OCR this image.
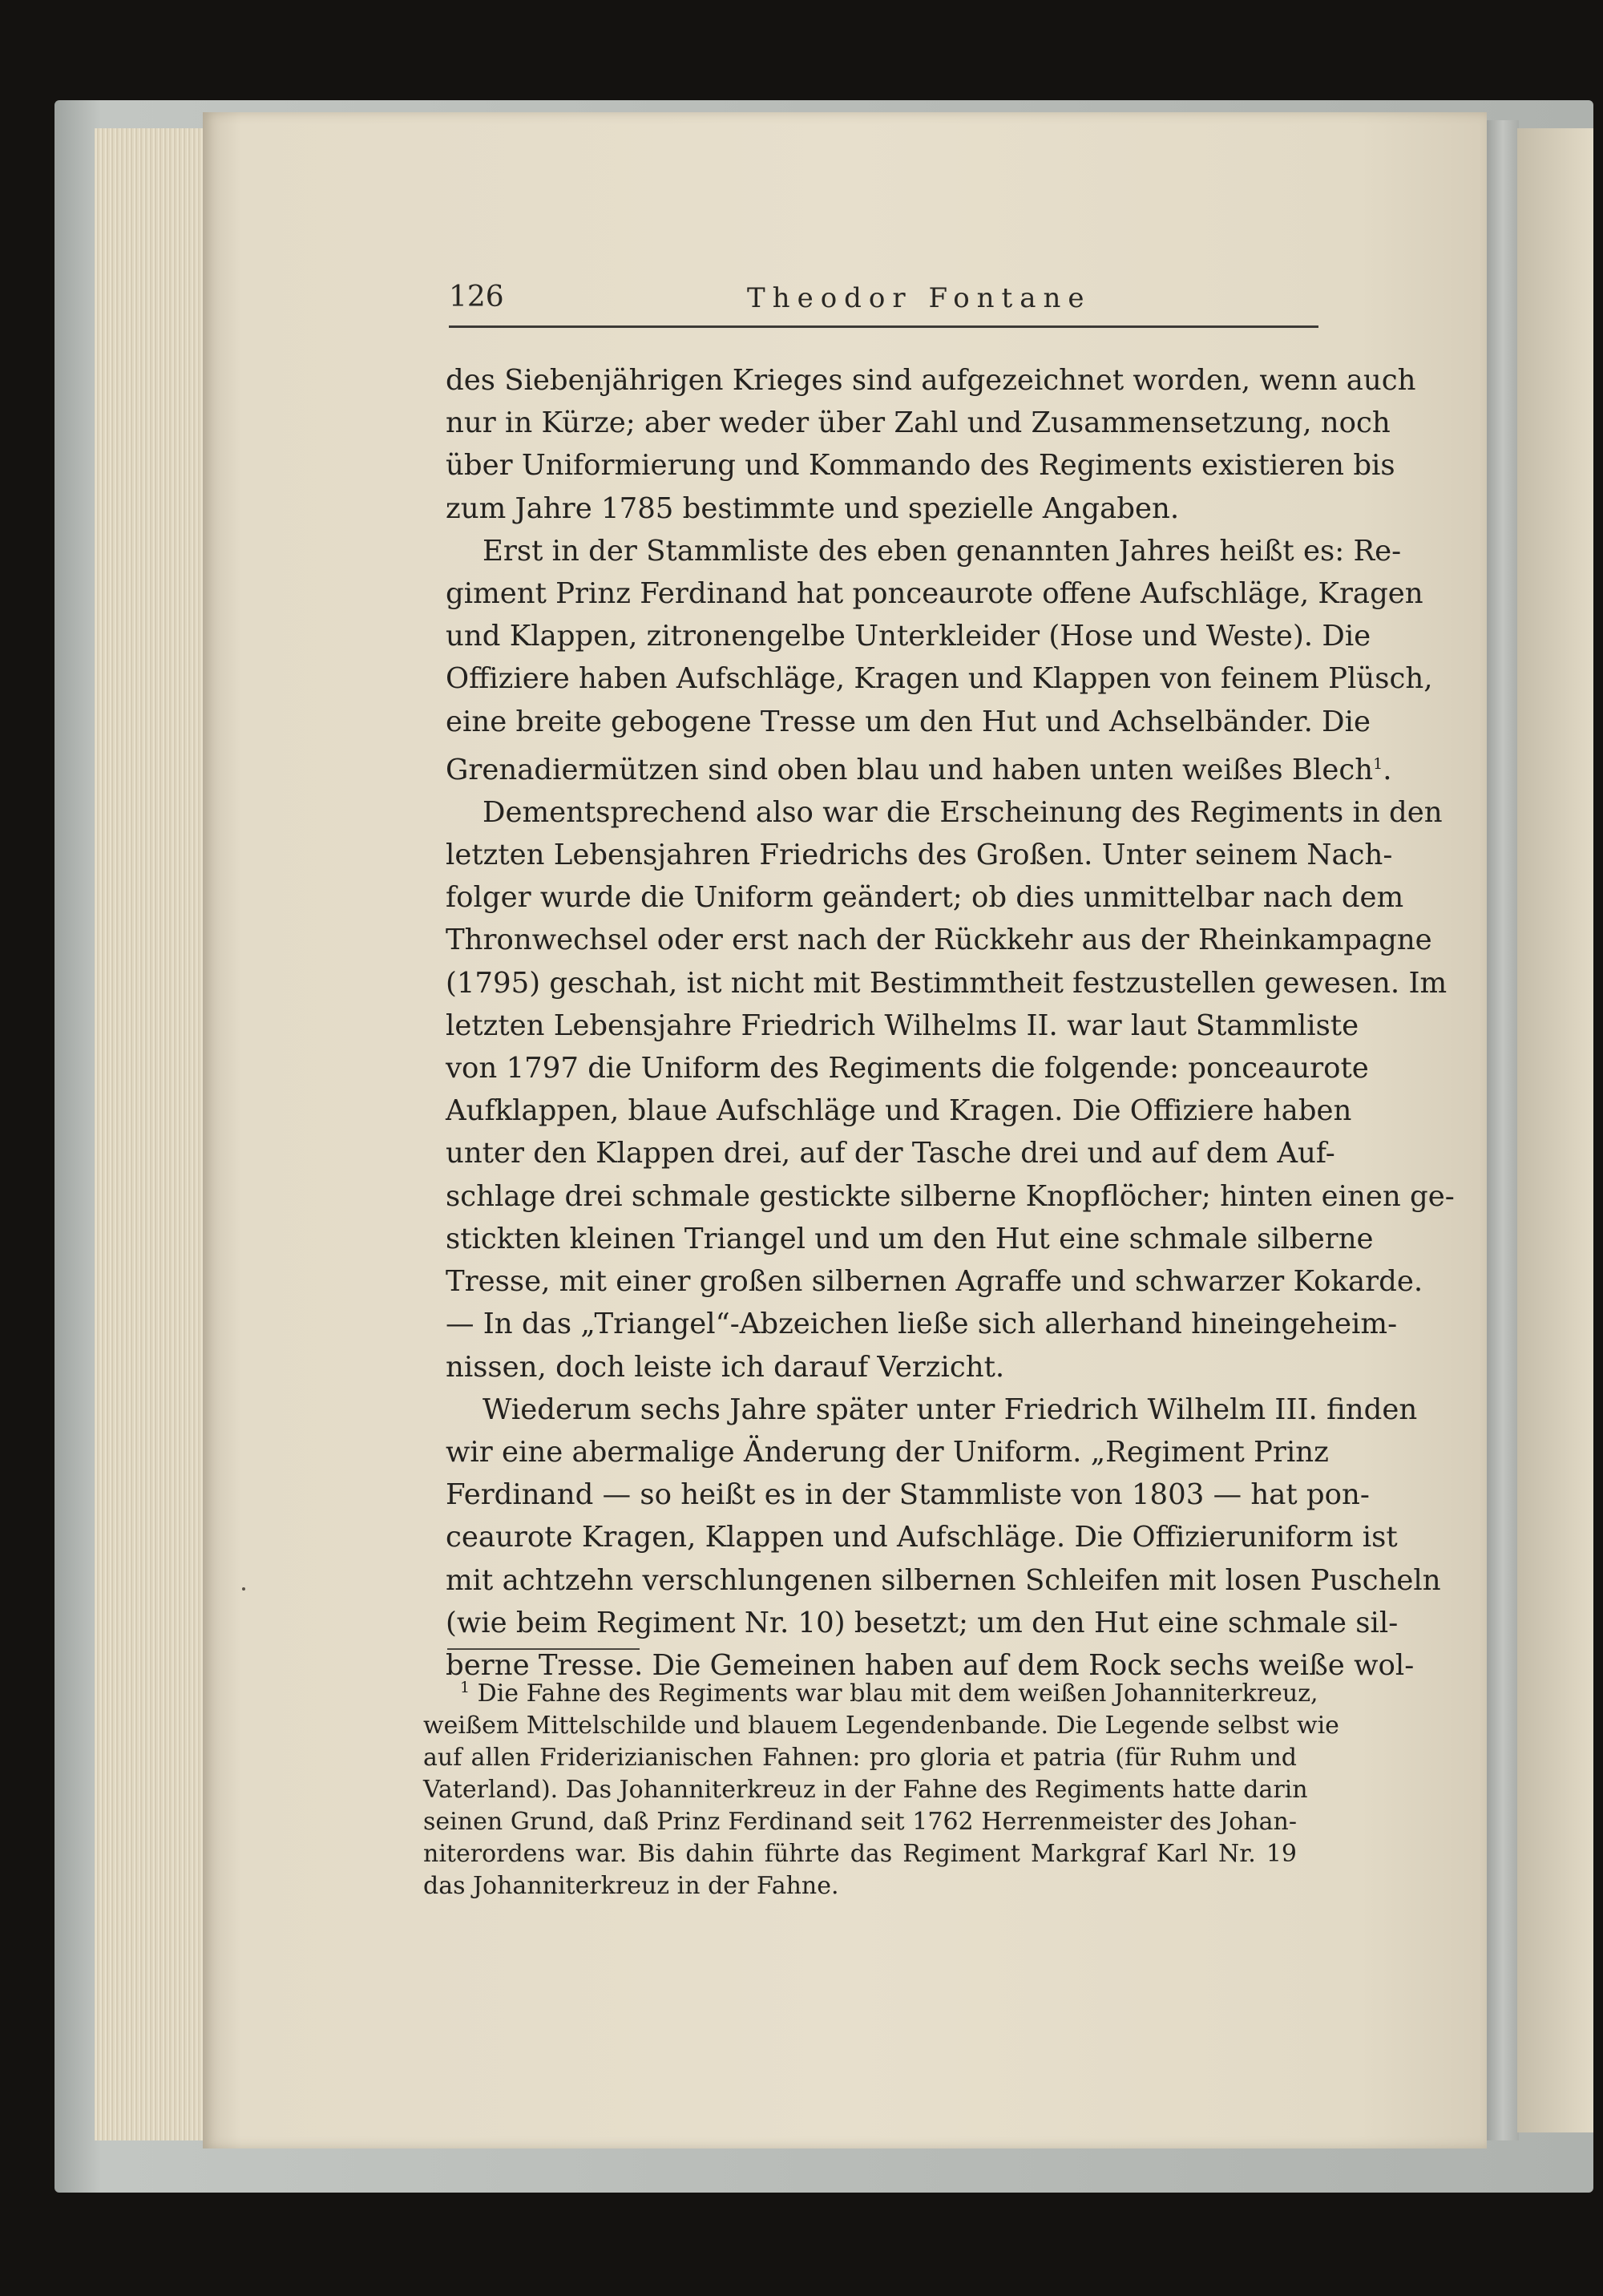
126	Theodor Fontane
des Siebenjährigen Krieges sind aufgezeichnet worden, wenn auch
nur in Kürze; aber weder über Zahl und Zusammensetzung, noch
über Uniformierung und Kommando des Regiments existieren bis
zum Jahre 1785 bestimmte und spezielle Angaben.
Erst in der Stammliste des eben genannten Jahres heißt es: Re-
giment Prinz Ferdinand hat ponceaurote offene Aufschläge, Kragen
und Klappen, zitronengelbe Unterkleider (Hose und Weste). Die
Offiziere haben Aufschläge, Kragen und Klappen von feinem Plüsch,
eine breite gebogene Tresse um den Hut und Achselbänder. Die
Grenadiermützen sind oben blau und haben unten weißes Blech$^1$.
Dementsprechend also war die Erscheinung des Regiments in den
letzten Lebensjahren Friedrichs des Großen. Unter seinem Nach-
folger wurde die Uniform geändert; ob dies unmittelbar nach dem
Thronwechsel oder erst nach der Rückkehr aus der Rheinkampagne
(1795) geschah, ist nicht mit Bestimmtheit festzustellen gewesen. Im
letzten Lebensjahre Friedrich Wilhelms II. war laut Stammliste
von 1797 die Uniform des Regiments die folgende: ponceaurote
Aufklappen, blaue Aufschläge und Kragen. Die Offiziere haben
unter den Klappen drei, auf der Tasche drei und auf dem Auf-
schlage drei schmale gestickte silberne Knopflöcher; hinten einen ge-
stickten kleinen Triangel und um den Hut eine schmale silberne
Tresse, mit einer großen silbernen Agraffe und schwarzer Kokarde.
— In das „Triangel“-Abzeichen ließe sich allerhand hineingeheim-
nissen, doch leiste ich darauf Verzicht.
Wiederum sechs Jahre später unter Friedrich Wilhelm III. finden
wir eine abermalige Änderung der Uniform. „Regiment Prinz
Ferdinand — so heißt es in der Stammliste von 1803 — hat pon-
ceaurote Kragen, Klappen und Aufschläge. Die Offizieruniform ist
mit achtzehn verschlungenen silbernen Schleifen mit losen Puscheln
(wie beim Regiment Nr. 10) besetzt; um den Hut eine schmale sil-
berne Tresse. Die Gemeinen haben auf dem Rock sechs weiße wol-
$^1$ Die Fahne des Regiments war blau mit dem weißen Johanniterkreuz,
weißem Mittelschilde und blauem Legendenbande. Die Legende selbst wie
auf allen Friderizianischen Fahnen: pro gloria et patria (für Ruhm und
Vaterland). Das Johanniterkreuz in der Fahne des Regiments hatte darin
seinen Grund, daß Prinz Ferdinand seit 1762 Herrenmeister des Johan-
niterordens war. Bis dahin führte das Regiment Markgraf Karl Nr. 19
das Johanniterkreuz in der Fahne.
